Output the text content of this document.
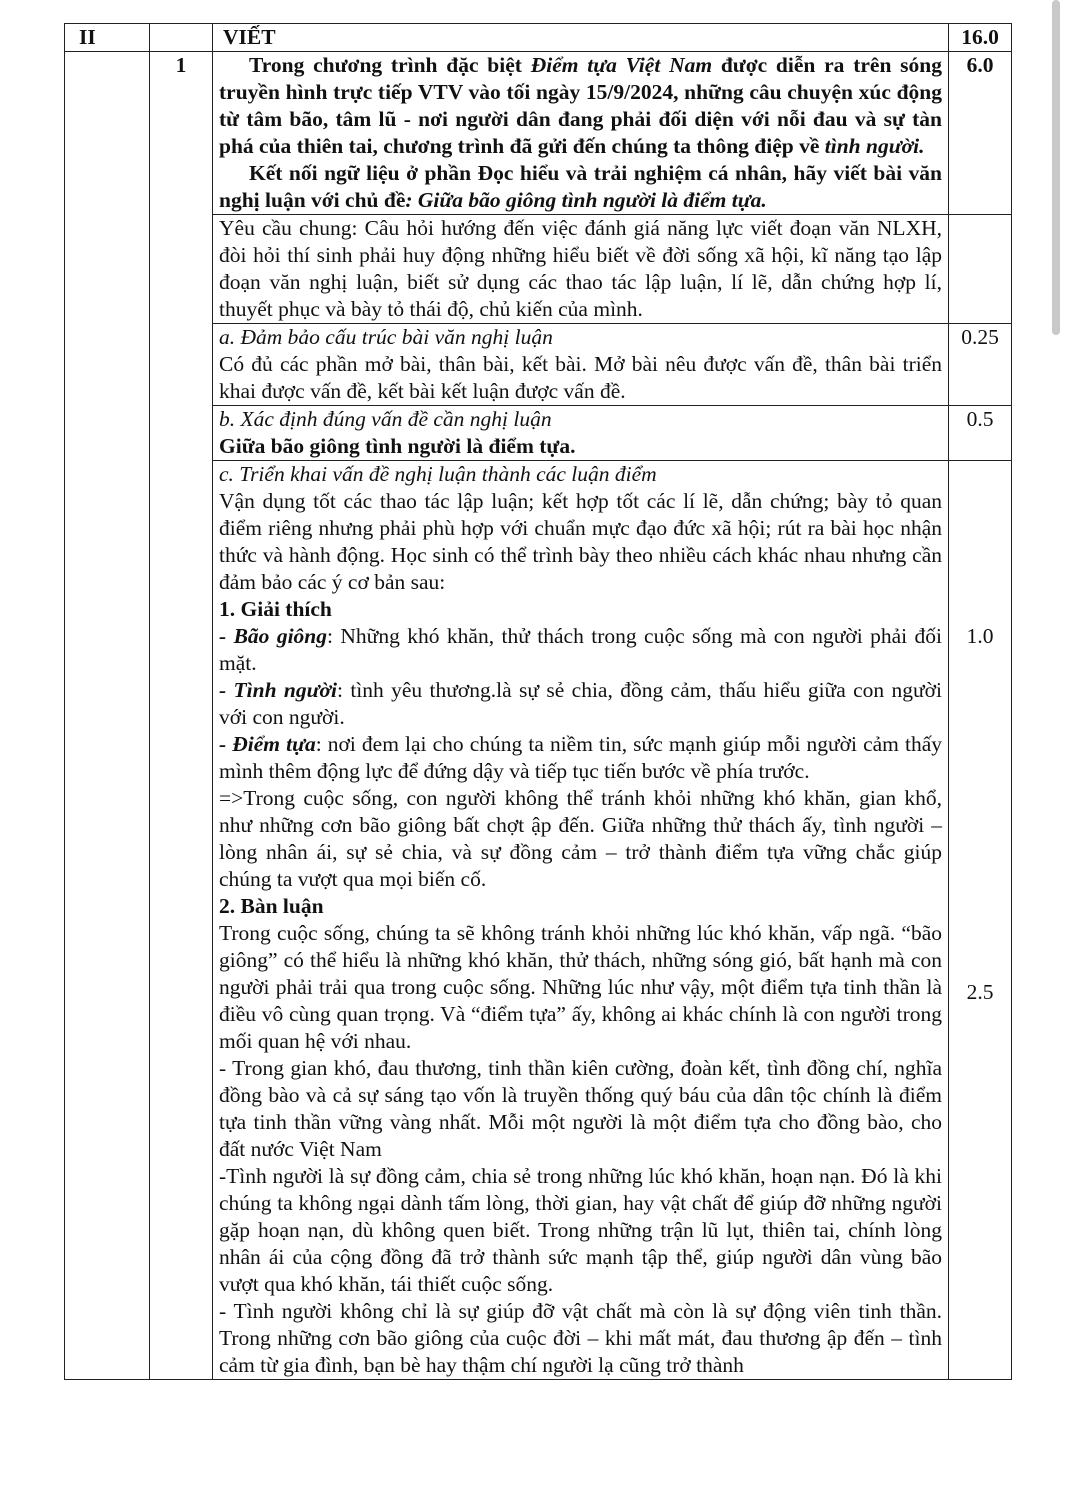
II		VIẾT	16.0
	1	Trong chương trình đặc biệt Điểm tựa Việt Nam được diễn ra trên sóng truyền hình trực tiếp VTV vào tối ngày 15/9/2024, những câu chuyện xúc động từ tâm bão, tâm lũ - nơi người dân đang phải đối diện với nỗi đau và sự tàn phá của thiên tai, chương trình đã gửi đến chúng ta thông điệp về tình người.

Kết nối ngữ liệu ở phần Đọc hiểu và trải nghiệm cá nhân, hãy viết bài văn nghị luận với chủ đề: Giữa bão giông tình người là điểm tựa.	6.0

		Yêu cầu chung: Câu hỏi hướng đến việc đánh giá năng lực viết đoạn văn NLXH, đòi hỏi thí sinh phải huy động những hiểu biết về đời sống xã hội, kĩ năng tạo lập đoạn văn nghị luận, biết sử dụng các thao tác lập luận, lí lẽ, dẫn chứng hợp lí, thuyết phục và bày tỏ thái độ, chủ kiến của mình.	

		a. Đảm bảo cấu trúc bài văn nghị luận

Có đủ các phần mở bài, thân bài, kết bài. Mở bài nêu được vấn đề, thân bài triển khai được vấn đề, kết bài kết luận được vấn đề.	0.25

		b. Xác định đúng vấn đề cần nghị luận

Giữa bão giông tình người là điểm tựa.	0.5

		c. Triển khai vấn đề nghị luận thành các luận điểm

Vận dụng tốt các thao tác lập luận; kết hợp tốt các lí lẽ, dẫn chứng; bày tỏ quan điểm riêng nhưng phải phù hợp với chuẩn mực đạo đức xã hội; rút ra bài học nhận thức và hành động. Học sinh có thể trình bày theo nhiều cách khác nhau nhưng cần đảm bảo các ý cơ bản sau:

1. Giải thích	

		- Bão giông: Những khó khăn, thử thách trong cuộc sống mà con người phải đối mặt.

- Tình người: tình yêu thương.là sự sẻ chia, đồng cảm, thấu hiểu giữa con người với con người.

- Điểm tựa: nơi đem lại cho chúng ta niềm tin, sức mạnh giúp mỗi người cảm thấy mình thêm động lực để đứng dậy và tiếp tục tiến bước về phía trước.

=>Trong cuộc sống, con người không thể tránh khỏi những khó khăn, gian khổ, như những cơn bão giông bất chợt ập đến. Giữa những thử thách ấy, tình người – lòng nhân ái, sự sẻ chia, và sự đồng cảm – trở thành điểm tựa vững chắc giúp chúng ta vượt qua mọi biến cố.

2. Bàn luận	1.0

		Trong cuộc sống, chúng ta sẽ không tránh khỏi những lúc khó khăn, vấp ngã. “bão giông” có thể hiểu là những khó khăn, thử thách, những sóng gió, bất hạnh mà con người phải trải qua trong cuộc sống. Những lúc như vậy, một điểm tựa tinh thần là điều vô cùng quan trọng. Và “điểm tựa” ấy, không ai khác chính là con người trong mối quan hệ với nhau.

- Trong gian khó, đau thương, tinh thần kiên cường, đoàn kết, tình đồng chí, nghĩa đồng bào và cả sự sáng tạo vốn là truyền thống quý báu của dân tộc chính là điểm tựa tinh thần vững vàng nhất. Mỗi một người là một điểm tựa cho đồng bào, cho đất nước Việt Nam

-Tình người là sự đồng cảm, chia sẻ trong những lúc khó khăn, hoạn nạn. Đó là khi chúng ta không ngại dành tấm lòng, thời gian, hay vật chất để giúp đỡ những người gặp hoạn nạn, dù không quen biết. Trong những trận lũ lụt, thiên tai, chính lòng nhân ái của cộng đồng đã trở thành sức mạnh tập thể, giúp người dân vùng bão vượt qua khó khăn, tái thiết cuộc sống.

- Tình người không chỉ là sự giúp đỡ vật chất mà còn là sự động viên tinh thần. Trong những cơn bão giông của cuộc đời – khi mất mát, đau thương ập đến – tình cảm từ gia đình, bạn bè hay thậm chí người lạ cũng trở thành	2.5
